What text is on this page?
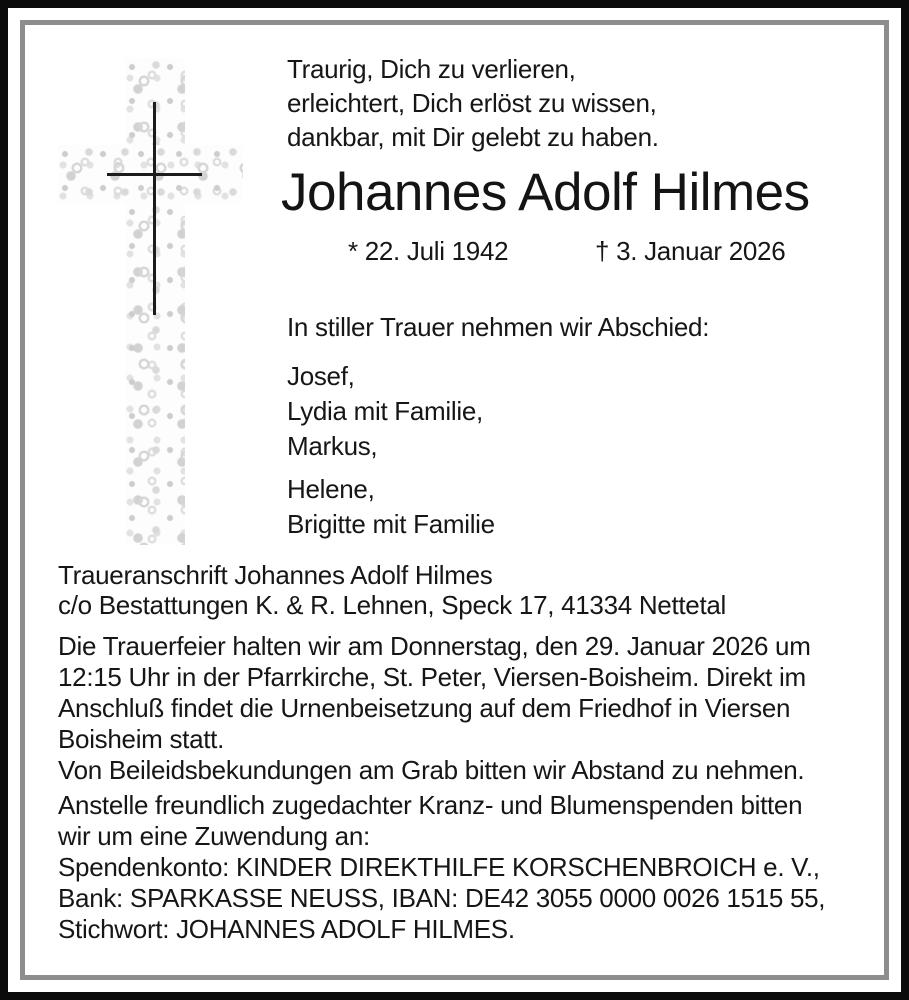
Traurig, Dich zu verlieren,
erleichtert, Dich erlöst zu wissen,
dankbar, mit Dir gelebt zu haben.
Johannes Adolf Hilmes
* 22. Juli 1942	† 3. Januar 2026
In stiller Trauer nehmen wir Abschied:
Josef,
Lydia mit Familie,
Markus,
Helene,
Brigitte mit Familie
Traueranschrift Johannes Adolf Hilmes
c/o Bestattungen K. & R. Lehnen, Speck 17, 41334 Nettetal
Die Trauerfeier halten wir am Donnerstag, den 29. Januar 2026 um
12:15 Uhr in der Pfarrkirche, St. Peter, Viersen-Boisheim. Direkt im
Anschluß findet die Urnenbeisetzung auf dem Friedhof in Viersen
Boisheim statt.
Von Beileidsbekundungen am Grab bitten wir Abstand zu nehmen.
Anstelle freundlich zugedachter Kranz- und Blumenspenden bitten
wir um eine Zuwendung an:
Spendenkonto: KINDER DIREKTHILFE KORSCHENBROICH e. V.,
Bank: SPARKASSE NEUSS, IBAN: DE42 3055 0000 0026 1515 55,
Stichwort: JOHANNES ADOLF HILMES.
